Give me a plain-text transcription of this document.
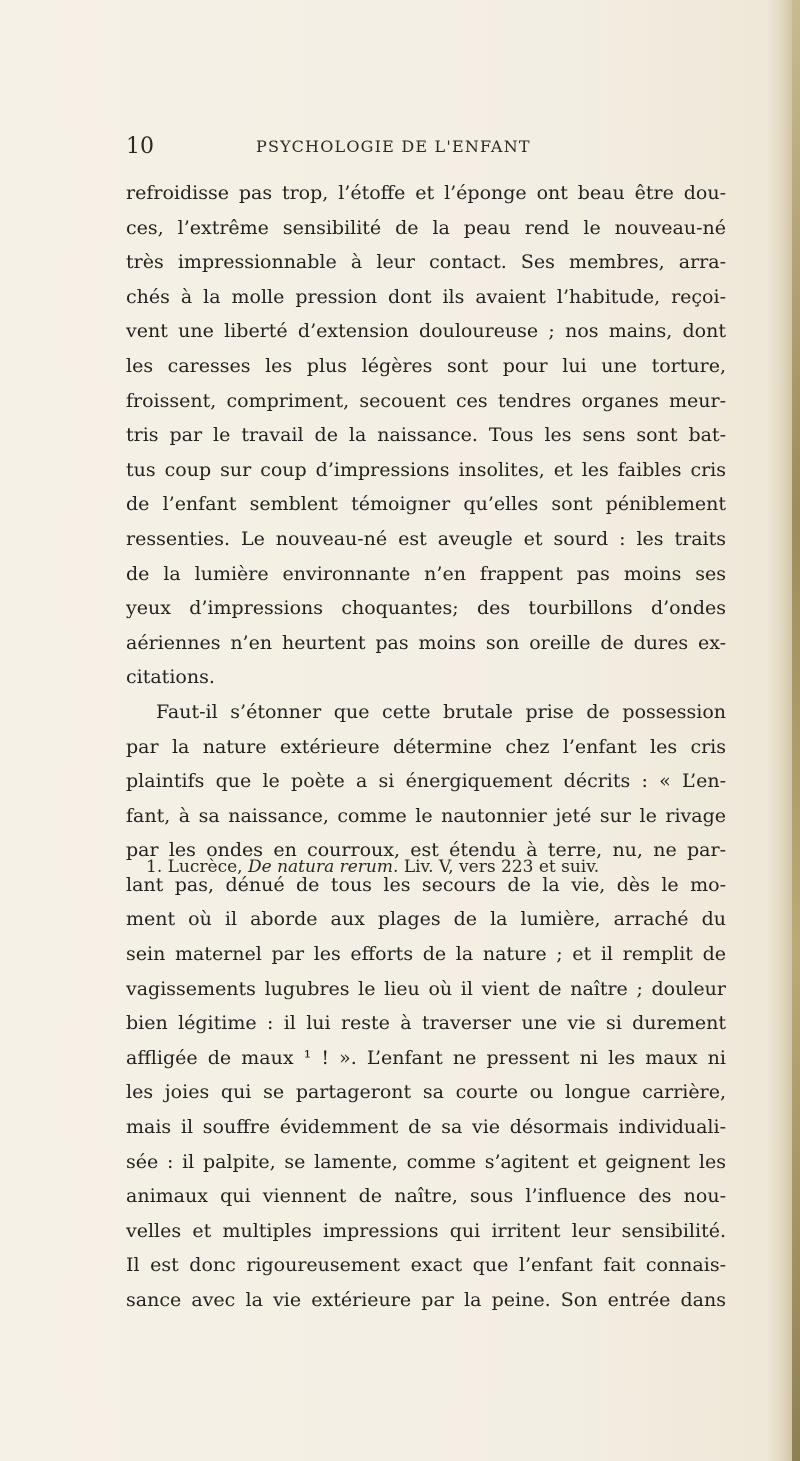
10	PSYCHOLOGIE DE L'ENFANT
refroidisse pas trop, l’étoffe et l’éponge ont beau être dou-
ces, l’extrême sensibilité de la peau rend le nouveau-né
très impressionnable à leur contact. Ses membres, arra-
chés à la molle pression dont ils avaient l’habitude, reçoi-
vent une liberté d’extension douloureuse ; nos mains, dont
les caresses les plus légères sont pour lui une torture,
froissent, compriment, secouent ces tendres organes meur-
tris par le travail de la naissance. Tous les sens sont bat-
tus coup sur coup d’impressions insolites, et les faibles cris
de l’enfant semblent témoigner qu’elles sont péniblement
ressenties. Le nouveau-né est aveugle et sourd : les traits
de la lumière environnante n’en frappent pas moins ses
yeux d’impressions choquantes; des tourbillons d’ondes
aériennes n’en heurtent pas moins son oreille de dures ex-
citations.
Faut-il s’étonner que cette brutale prise de possession
par la nature extérieure détermine chez l’enfant les cris
plaintifs que le poète a si énergiquement décrits : « L’en-
fant, à sa naissance, comme le nautonnier jeté sur le rivage
par les ondes en courroux, est étendu à terre, nu, ne par-
lant pas, dénué de tous les secours de la vie, dès le mo-
ment où il aborde aux plages de la lumière, arraché du
sein maternel par les efforts de la nature ; et il remplit de
vagissements lugubres le lieu où il vient de naître ; douleur
bien légitime : il lui reste à traverser une vie si durement
affligée de maux ¹ ! ». L’enfant ne pressent ni les maux ni
les joies qui se partageront sa courte ou longue carrière,
mais il souffre évidemment de sa vie désormais individuali-
sée : il palpite, se lamente, comme s’agitent et geignent les
animaux qui viennent de naître, sous l’influence des nou-
velles et multiples impressions qui irritent leur sensibilité.
Il est donc rigoureusement exact que l’enfant fait connais-
sance avec la vie extérieure par la peine. Son entrée dans
1. Lucrèce, De natura rerum. Liv. V, vers 223 et suiv.
